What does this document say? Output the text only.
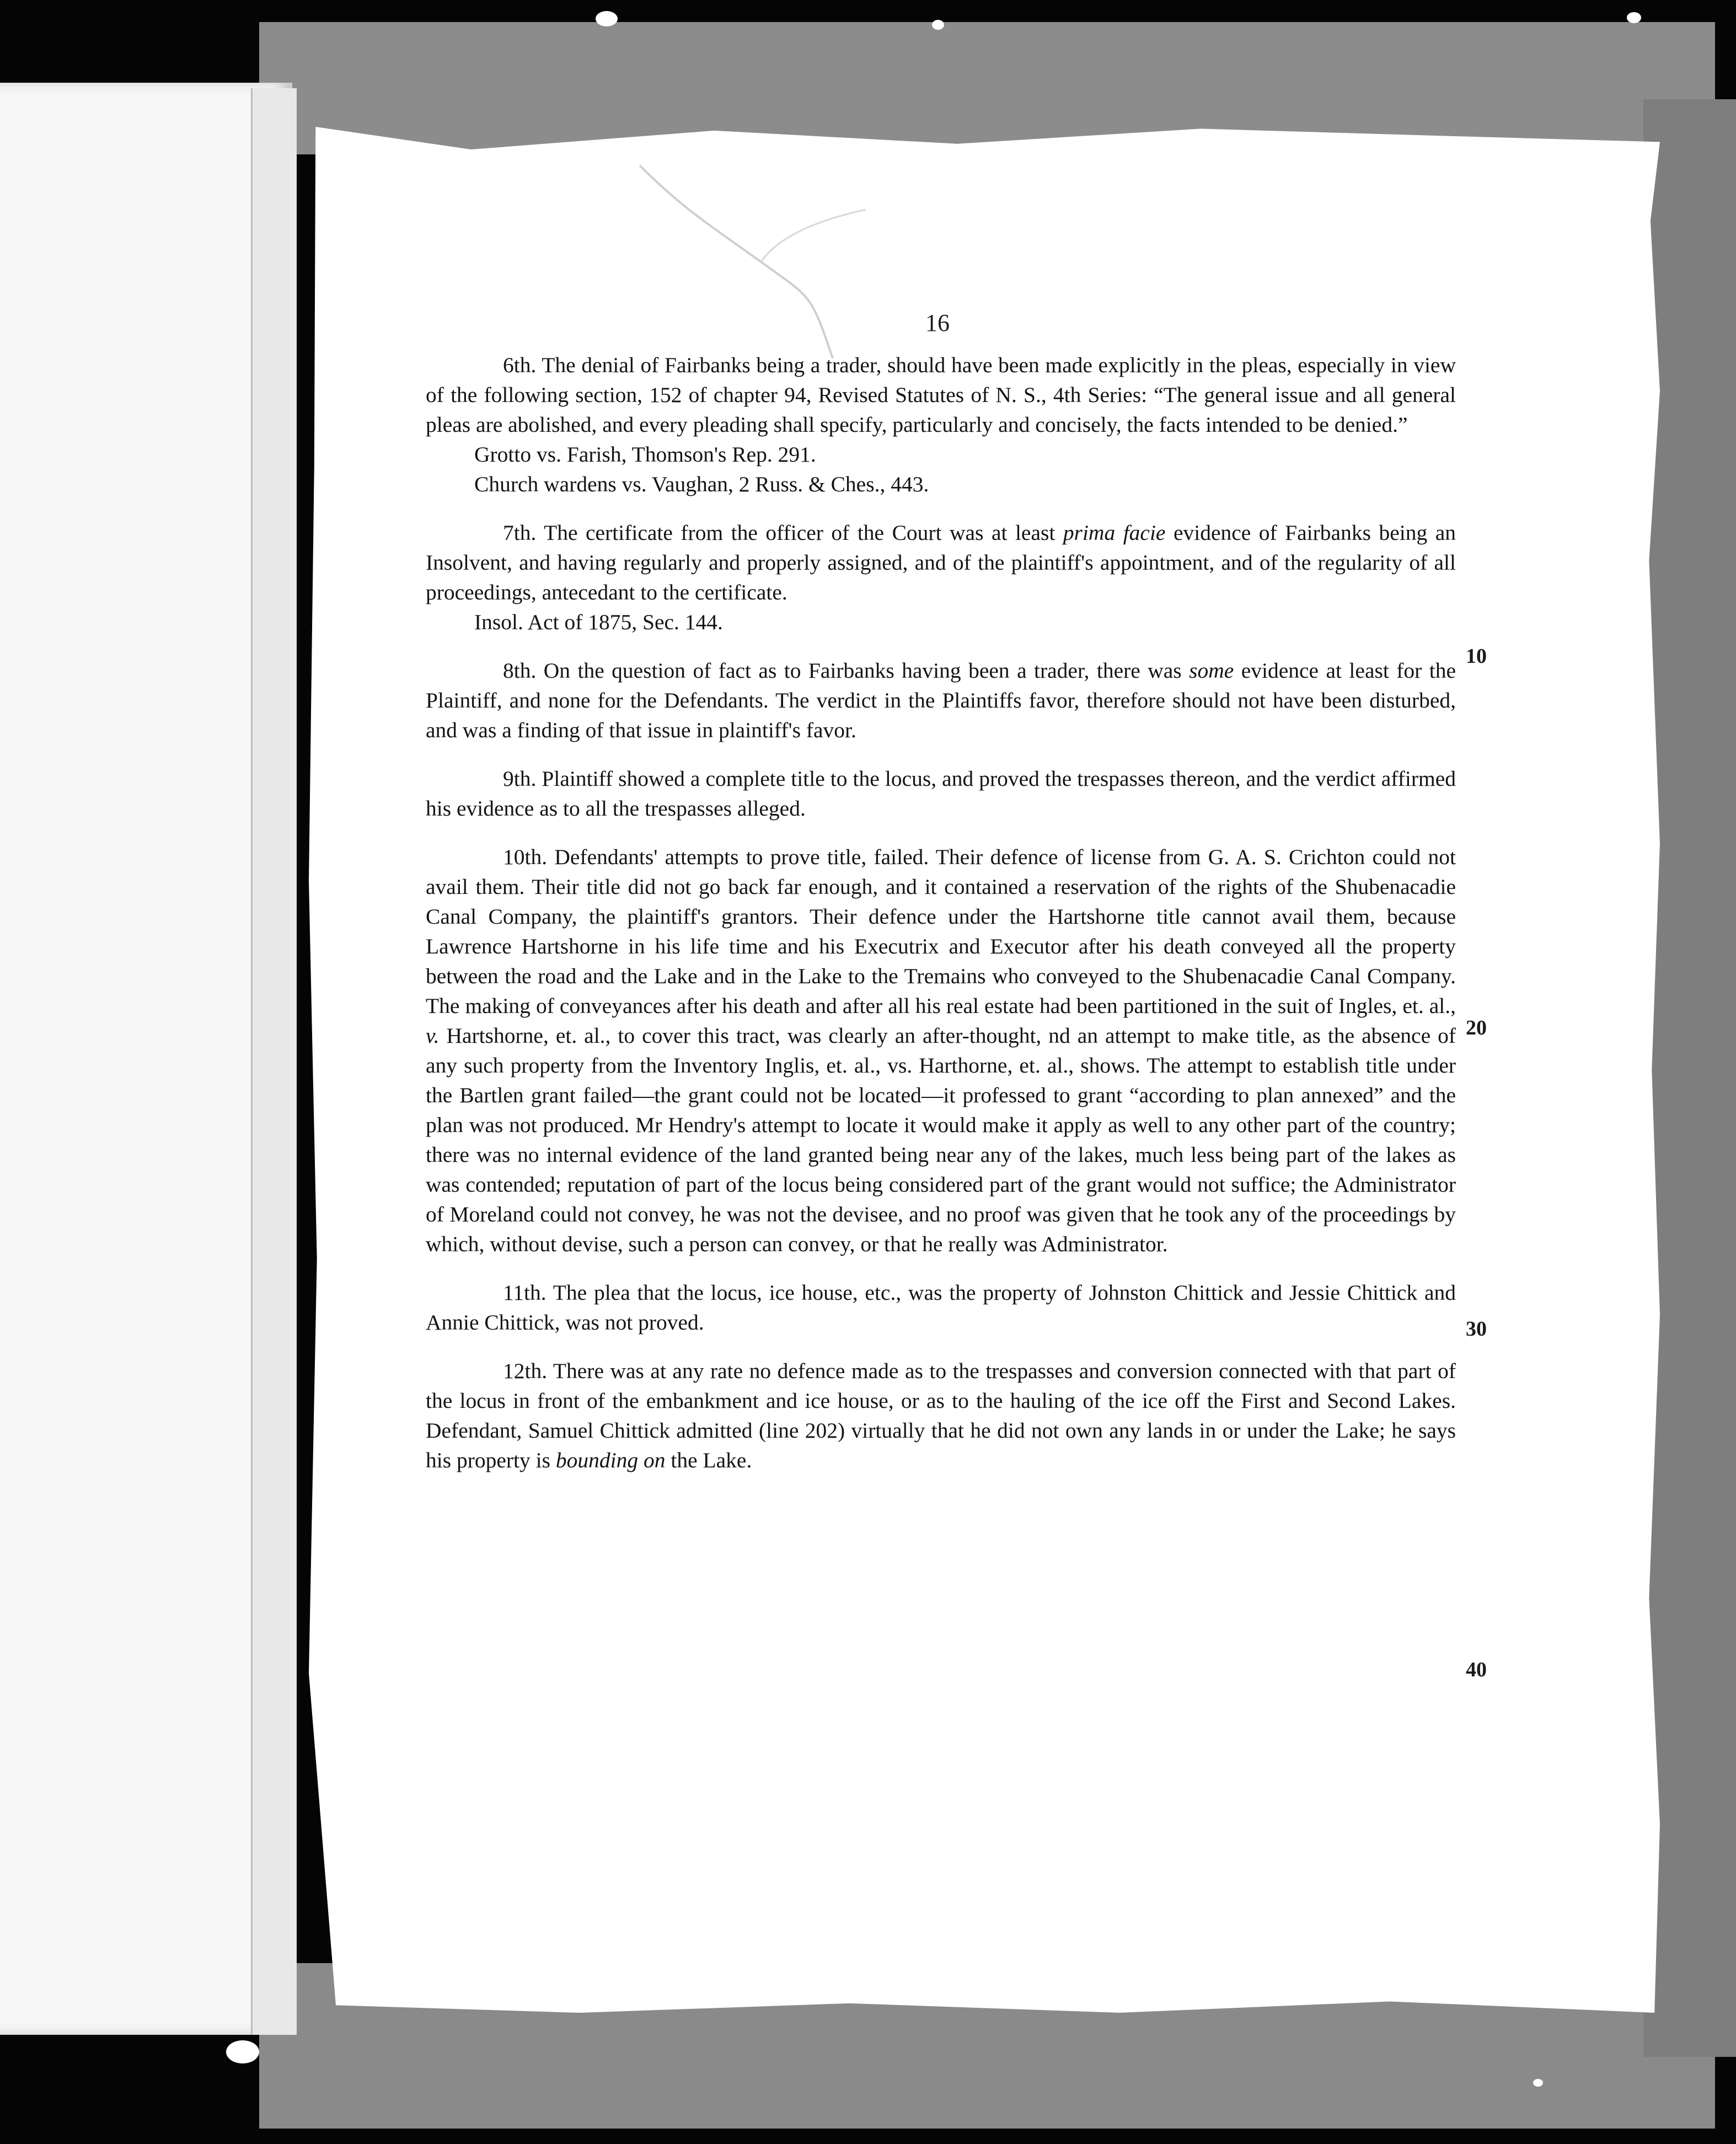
16

6th. The denial of Fairbanks being a trader, should have been made explicitly in the pleas, especially in view of the following section, 152 of chapter 94, Revised Statutes of N. S., 4th Series: “The general issue and all general pleas are abolished, and every pleading shall specify, particularly and concisely, the facts intended to be denied.”

Grotto vs. Farish, Thomson's Rep. 291.

Church wardens vs. Vaughan, 2 Russ. & Ches., 443.

7th. The certificate from the officer of the Court was at least prima facie evidence of Fairbanks being an Insolvent, and having regularly and properly assigned, and of the plaintiff's appointment, and of the regularity of all proceedings, antecedant to the certificate.

Insol. Act of 1875, Sec. 144.

8th. On the question of fact as to Fairbanks having been a trader, there was some evidence at least for the Plaintiff, and none for the Defendants. The verdict in the Plaintiffs favor, therefore should not have been disturbed, and was a finding of that issue in plaintiff's favor.

9th. Plaintiff showed a complete title to the locus, and proved the trespasses thereon, and the verdict affirmed his evidence as to all the trespasses alleged.

10th. Defendants' attempts to prove title, failed. Their defence of license from G. A. S. Crichton could not avail them. Their title did not go back far enough, and it contained a reservation of the rights of the Shubenacadie Canal Company, the plaintiff's grantors. Their defence under the Hartshorne title cannot avail them, because Lawrence Hartshorne in his life time and his Executrix and Executor after his death conveyed all the property between the road and the Lake and in the Lake to the Tremains who conveyed to the Shubenacadie Canal Company. The making of conveyances after his death and after all his real estate had been partitioned in the suit of Ingles, et. al., v. Hartshorne, et. al., to cover this tract, was clearly an after-thought, nd an attempt to make title, as the absence of any such property from the Inventory Inglis, et. al., vs. Harthorne, et. al., shows. The attempt to establish title under the Bartlen grant failed—the grant could not be located—it professed to grant “according to plan annexed” and the plan was not produced. Mr Hendry's attempt to locate it would make it apply as well to any other part of the country; there was no internal evidence of the land granted being near any of the lakes, much less being part of the lakes as was contended; reputation of part of the locus being considered part of the grant would not suffice; the Administrator of Moreland could not convey, he was not the devisee, and no proof was given that he took any of the proceedings by which, without devise, such a person can convey, or that he really was Administrator.

11th. The plea that the locus, ice house, etc., was the property of Johnston Chittick and Jessie Chittick and Annie Chittick, was not proved.

12th. There was at any rate no defence made as to the trespasses and conversion connected with that part of the locus in front of the embankment and ice house, or as to the hauling of the ice off the First and Second Lakes. Defendant, Samuel Chittick admitted (line 202) virtually that he did not own any lands in or under the Lake; he says his property is bounding on the Lake.

10
20
30
40
